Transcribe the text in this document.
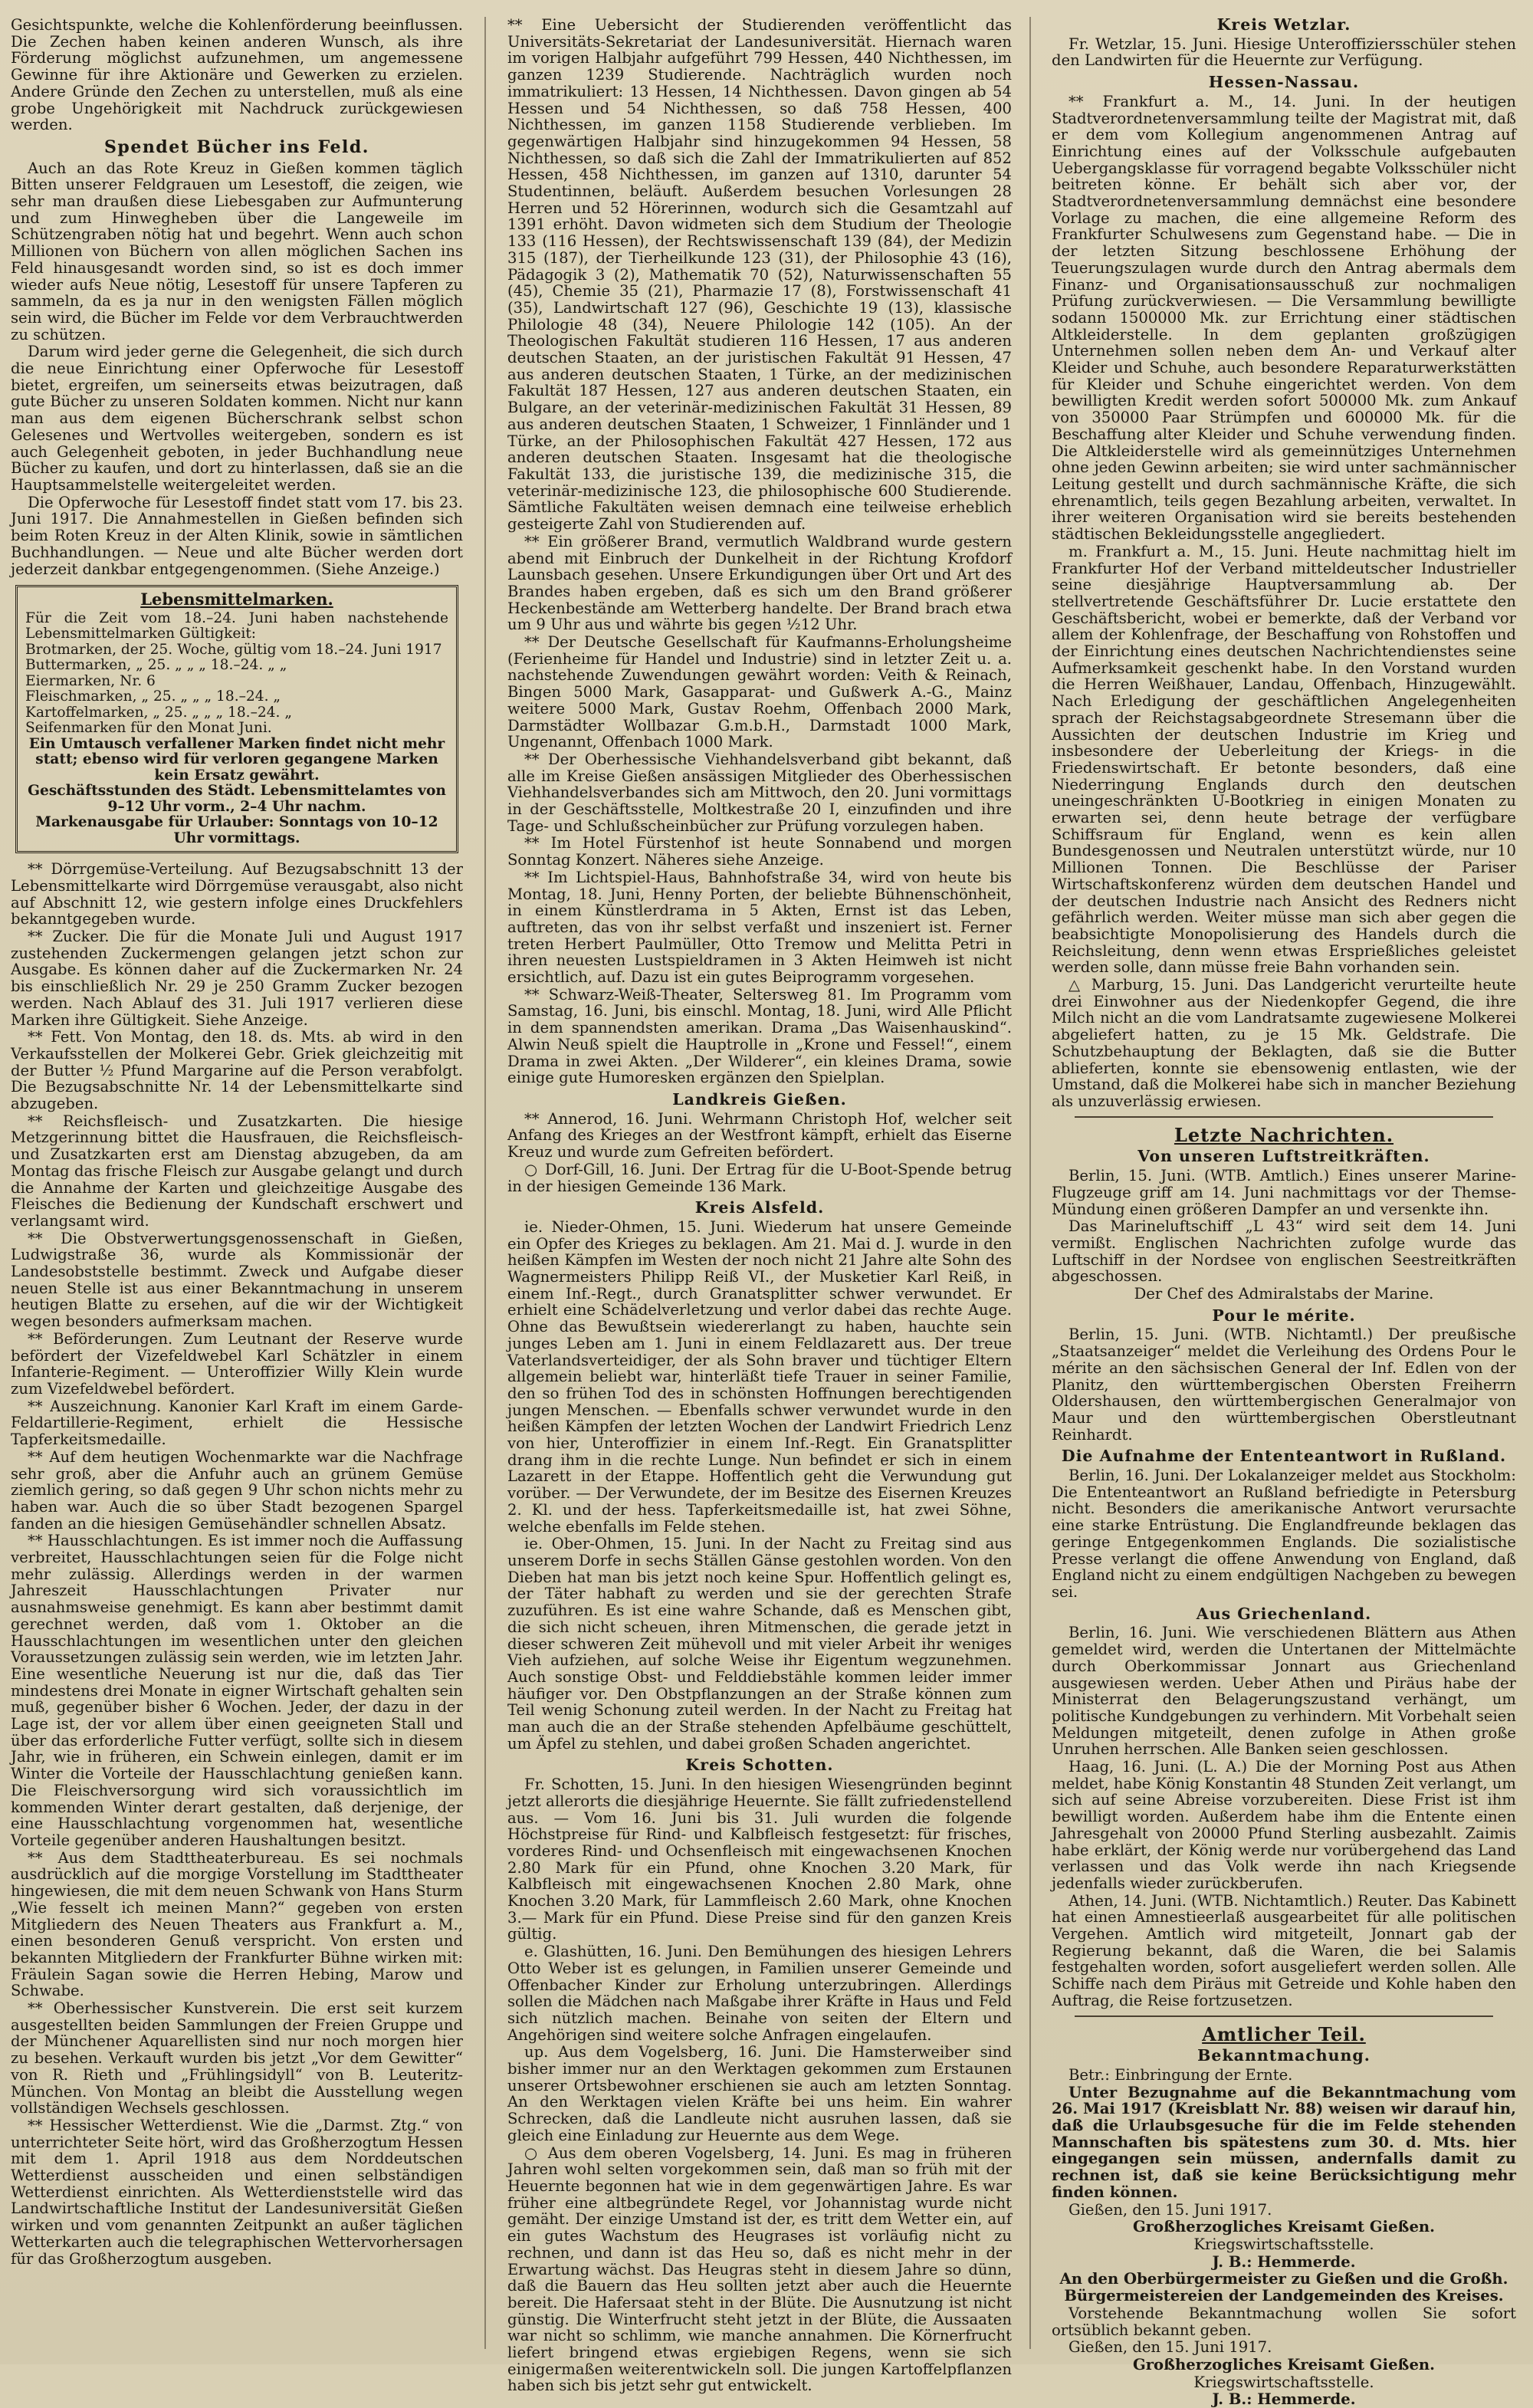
Gesichtspunkte, welche die Kohlenförderung beeinflussen. Die Zechen haben keinen anderen Wunsch, als ihre Förderung möglichst aufzunehmen, um angemessene Gewinne für ihre Aktionäre und Gewerken zu erzielen. Andere Gründe den Zechen zu unterstellen, muß als eine grobe Ungehörigkeit mit Nachdruck zurückgewiesen werden.

Spendet Bücher ins Feld.

Auch an das Rote Kreuz in Gießen kommen täglich Bitten unserer Feldgrauen um Lesestoff, die zeigen, wie sehr man draußen diese Liebesgaben zur Aufmunterung und zum Hinwegheben über die Langeweile im Schützengraben nötig hat und begehrt. Wenn auch schon Millionen von Büchern von allen möglichen Sachen ins Feld hinausgesandt worden sind, so ist es doch immer wieder aufs Neue nötig, Lesestoff für unsere Tapferen zu sammeln, da es ja nur in den wenigsten Fällen möglich sein wird, die Bücher im Felde vor dem Verbrauchtwerden zu schützen.

Darum wird jeder gerne die Gelegenheit, die sich durch die neue Einrichtung einer Opferwoche für Lesestoff bietet, ergreifen, um seinerseits etwas beizutragen, daß gute Bücher zu unseren Soldaten kommen. Nicht nur kann man aus dem eigenen Bücherschrank selbst schon Gelesenes und Wertvolles weitergeben, sondern es ist auch Gelegenheit geboten, in jeder Buchhandlung neue Bücher zu kaufen, und dort zu hinterlassen, daß sie an die Hauptsammelstelle weitergeleitet werden.

Die Opferwoche für Lesestoff findet statt vom 17. bis 23. Juni 1917. Die Annahmestellen in Gießen befinden sich beim Roten Kreuz in der Alten Klinik, sowie in sämtlichen Buchhandlungen. — Neue und alte Bücher werden dort jederzeit dankbar entgegengenommen. (Siehe Anzeige.)

Lebensmittelmarken.

Für die Zeit vom 18.–24. Juni haben nachstehende Lebensmittelmarken Gültigkeit:

Brotmarken, der 25. Woche, gültig vom 18.–24. Juni 1917

Buttermarken, „ 25. „ „ „ 18.–24. „ „

Eiermarken, Nr. 6

Fleischmarken, „ 25. „ „ „ 18.–24. „

Kartoffelmarken, „ 25. „ „ „ 18.–24. „

Seifenmarken für den Monat Juni.

Ein Umtausch verfallener Marken findet nicht mehr statt; ebenso wird für verloren gegangene Marken kein Ersatz gewährt.

Geschäftsstunden des Städt. Lebensmittelamtes von 9–12 Uhr vorm., 2–4 Uhr nachm.

Markenausgabe für Urlauber: Sonntags von 10–12 Uhr vormittags.

** Dörrgemüse-Verteilung. Auf Bezugsabschnitt 13 der Lebensmittelkarte wird Dörrgemüse verausgabt, also nicht auf Abschnitt 12, wie gestern infolge eines Druckfehlers bekanntgegeben wurde.

** Zucker. Die für die Monate Juli und August 1917 zustehenden Zuckermengen gelangen jetzt schon zur Ausgabe. Es können daher auf die Zuckermarken Nr. 24 bis einschließlich Nr. 29 je 250 Gramm Zucker bezogen werden. Nach Ablauf des 31. Juli 1917 verlieren diese Marken ihre Gültigkeit. Siehe Anzeige.

** Fett. Von Montag, den 18. ds. Mts. ab wird in den Verkaufsstellen der Molkerei Gebr. Griek gleichzeitig mit der Butter ½ Pfund Margarine auf die Person verabfolgt. Die Bezugsabschnitte Nr. 14 der Lebensmittelkarte sind abzugeben.

** Reichsfleisch- und Zusatzkarten. Die hiesige Metzgerinnung bittet die Hausfrauen, die Reichsfleisch- und Zusatzkarten erst am Dienstag abzugeben, da am Montag das frische Fleisch zur Ausgabe gelangt und durch die Annahme der Karten und gleichzeitige Ausgabe des Fleisches die Bedienung der Kundschaft erschwert und verlangsamt wird.

** Die Obstverwertungsgenossenschaft in Gießen, Ludwigstraße 36, wurde als Kommissionär der Landesobststelle bestimmt. Zweck und Aufgabe dieser neuen Stelle ist aus einer Bekanntmachung in unserem heutigen Blatte zu ersehen, auf die wir der Wichtigkeit wegen besonders aufmerksam machen.

** Beförderungen. Zum Leutnant der Reserve wurde befördert der Vizefeldwebel Karl Schätzler in einem Infanterie-Regiment. — Unteroffizier Willy Klein wurde zum Vizefeldwebel befördert.

** Auszeichnung. Kanonier Karl Kraft im einem Garde-Feldartillerie-Regiment, erhielt die Hessische Tapferkeitsmedaille.

** Auf dem heutigen Wochenmarkte war die Nachfrage sehr groß, aber die Anfuhr auch an grünem Gemüse ziemlich gering, so daß gegen 9 Uhr schon nichts mehr zu haben war. Auch die so über Stadt bezogenen Spargel fanden an die hiesigen Gemüsehändler schnellen Absatz.

** Hausschlachtungen. Es ist immer noch die Auffassung verbreitet, Hausschlachtungen seien für die Folge nicht mehr zulässig. Allerdings werden in der warmen Jahreszeit Hausschlachtungen Privater nur ausnahmsweise genehmigt. Es kann aber bestimmt damit gerechnet werden, daß vom 1. Oktober an die Hausschlachtungen im wesentlichen unter den gleichen Voraussetzungen zulässig sein werden, wie im letzten Jahr. Eine wesentliche Neuerung ist nur die, daß das Tier mindestens drei Monate in eigner Wirtschaft gehalten sein muß, gegenüber bisher 6 Wochen. Jeder, der dazu in der Lage ist, der vor allem über einen geeigneten Stall und über das erforderliche Futter verfügt, sollte sich in diesem Jahr, wie in früheren, ein Schwein einlegen, damit er im Winter die Vorteile der Hausschlachtung genießen kann. Die Fleischversorgung wird sich voraussichtlich im kommenden Winter derart gestalten, daß derjenige, der eine Hausschlachtung vorgenommen hat, wesentliche Vorteile gegenüber anderen Haushaltungen besitzt.

** Aus dem Stadttheaterbureau. Es sei nochmals ausdrücklich auf die morgige Vorstellung im Stadttheater hingewiesen, die mit dem neuen Schwank von Hans Sturm „Wie fesselt ich meinen Mann?“ gegeben von ersten Mitgliedern des Neuen Theaters aus Frankfurt a. M., einen besonderen Genuß verspricht. Von ersten und bekannten Mitgliedern der Frankfurter Bühne wirken mit: Fräulein Sagan sowie die Herren Hebing, Marow und Schwabe.

** Oberhessischer Kunstverein. Die erst seit kurzem ausgestellten beiden Sammlungen der Freien Gruppe und der Münchener Aquarellisten sind nur noch morgen hier zu besehen. Verkauft wurden bis jetzt „Vor dem Gewitter“ von R. Rieth und „Frühlingsidyll“ von B. Leuteritz-München. Von Montag an bleibt die Ausstellung wegen vollständigen Wechsels geschlossen.

** Hessischer Wetterdienst. Wie die „Darmst. Ztg.“ von unterrichteter Seite hört, wird das Großherzogtum Hessen mit dem 1. April 1918 aus dem Norddeutschen Wetterdienst ausscheiden und einen selbständigen Wetterdienst einrichten. Als Wetterdienststelle wird das Landwirtschaftliche Institut der Landesuniversität Gießen wirken und vom genannten Zeitpunkt an außer täglichen Wetterkarten auch die telegraphischen Wettervorhersagen für das Großherzogtum ausgeben.

** Eine Uebersicht der Studierenden veröffentlicht das Universitäts-Sekretariat der Landesuniversität. Hiernach waren im vorigen Halbjahr aufgeführt 799 Hessen, 440 Nichthessen, im ganzen 1239 Studierende. Nachträglich wurden noch immatrikuliert: 13 Hessen, 14 Nichthessen. Davon gingen ab 54 Hessen und 54 Nichthessen, so daß 758 Hessen, 400 Nichthessen, im ganzen 1158 Studierende verblieben. Im gegenwärtigen Halbjahr sind hinzugekommen 94 Hessen, 58 Nichthessen, so daß sich die Zahl der Immatrikulierten auf 852 Hessen, 458 Nichthessen, im ganzen auf 1310, darunter 54 Studentinnen, beläuft. Außerdem besuchen Vorlesungen 28 Herren und 52 Hörerinnen, wodurch sich die Gesamtzahl auf 1391 erhöht. Davon widmeten sich dem Studium der Theologie 133 (116 Hessen), der Rechtswissenschaft 139 (84), der Medizin 315 (187), der Tierheilkunde 123 (31), der Philosophie 43 (16), Pädagogik 3 (2), Mathematik 70 (52), Naturwissenschaften 55 (45), Chemie 35 (21), Pharmazie 17 (8), Forstwissenschaft 41 (35), Landwirtschaft 127 (96), Geschichte 19 (13), klassische Philologie 48 (34), Neuere Philologie 142 (105). An der Theologischen Fakultät studieren 116 Hessen, 17 aus anderen deutschen Staaten, an der juristischen Fakultät 91 Hessen, 47 aus anderen deutschen Staaten, 1 Türke, an der medizinischen Fakultät 187 Hessen, 127 aus anderen deutschen Staaten, ein Bulgare, an der veterinär-medizinischen Fakultät 31 Hessen, 89 aus anderen deutschen Staaten, 1 Schweizer, 1 Finnländer und 1 Türke, an der Philosophischen Fakultät 427 Hessen, 172 aus anderen deutschen Staaten. Insgesamt hat die theologische Fakultät 133, die juristische 139, die medizinische 315, die veterinär-medizinische 123, die philosophische 600 Studierende. Sämtliche Fakultäten weisen demnach eine teilweise erheblich gesteigerte Zahl von Studierenden auf.

** Ein größerer Brand, vermutlich Waldbrand wurde gestern abend mit Einbruch der Dunkelheit in der Richtung Krofdorf Launsbach gesehen. Unsere Erkundigungen über Ort und Art des Brandes haben ergeben, daß es sich um den Brand größerer Heckenbestände am Wetterberg handelte. Der Brand brach etwa um 9 Uhr aus und währte bis gegen ½12 Uhr.

** Der Deutsche Gesellschaft für Kaufmanns-Erholungsheime (Ferienheime für Handel und Industrie) sind in letzter Zeit u. a. nachstehende Zuwendungen gewährt worden: Veith & Reinach, Bingen 5000 Mark, Gasapparat- und Gußwerk A.-G., Mainz weitere 5000 Mark, Gustav Roehm, Offenbach 2000 Mark, Darmstädter Wollbazar G.m.b.H., Darmstadt 1000 Mark, Ungenannt, Offenbach 1000 Mark.

** Der Oberhessische Viehhandelsverband gibt bekannt, daß alle im Kreise Gießen ansässigen Mitglieder des Oberhessischen Viehhandelsverbandes sich am Mittwoch, den 20. Juni vormittags in der Geschäftsstelle, Moltkestraße 20 I, einzufinden und ihre Tage- und Schlußscheinbücher zur Prüfung vorzulegen haben.

** Im Hotel Fürstenhof ist heute Sonnabend und morgen Sonntag Konzert. Näheres siehe Anzeige.

** Im Lichtspiel-Haus, Bahnhofstraße 34, wird von heute bis Montag, 18. Juni, Henny Porten, der beliebte Bühnenschönheit, in einem Künstlerdrama in 5 Akten, Ernst ist das Leben, auftreten, das von ihr selbst verfaßt und inszeniert ist. Ferner treten Herbert Paulmüller, Otto Tremow und Melitta Petri in ihren neuesten Lustspieldramen in 3 Akten Heimweh ist nicht ersichtlich, auf. Dazu ist ein gutes Beiprogramm vorgesehen.

** Schwarz-Weiß-Theater, Seltersweg 81. Im Programm vom Samstag, 16. Juni, bis einschl. Montag, 18. Juni, wird Alle Pflicht in dem spannendsten amerikan. Drama „Das Waisenhauskind“. Alwin Neuß spielt die Hauptrolle in „Krone und Fessel!“, einem Drama in zwei Akten. „Der Wilderer“, ein kleines Drama, sowie einige gute Humoresken ergänzen den Spielplan.

Landkreis Gießen.

** Annerod, 16. Juni. Wehrmann Christoph Hof, welcher seit Anfang des Krieges an der Westfront kämpft, erhielt das Eiserne Kreuz und wurde zum Gefreiten befördert.

○ Dorf-Gill, 16. Juni. Der Ertrag für die U-Boot-Spende betrug in der hiesigen Gemeinde 136 Mark.

Kreis Alsfeld.

ie. Nieder-Ohmen, 15. Juni. Wiederum hat unsere Gemeinde ein Opfer des Krieges zu beklagen. Am 21. Mai d. J. wurde in den heißen Kämpfen im Westen der noch nicht 21 Jahre alte Sohn des Wagnermeisters Philipp Reiß VI., der Musketier Karl Reiß, in einem Inf.-Regt., durch Granatsplitter schwer verwundet. Er erhielt eine Schädelverletzung und verlor dabei das rechte Auge. Ohne das Bewußtsein wiedererlangt zu haben, hauchte sein junges Leben am 1. Juni in einem Feldlazarett aus. Der treue Vaterlandsverteidiger, der als Sohn braver und tüchtiger Eltern allgemein beliebt war, hinterläßt tiefe Trauer in seiner Familie, den so frühen Tod des in schönsten Hoffnungen berechtigenden jungen Menschen. — Ebenfalls schwer verwundet wurde in den heißen Kämpfen der letzten Wochen der Landwirt Friedrich Lenz von hier, Unteroffizier in einem Inf.-Regt. Ein Granatsplitter drang ihm in die rechte Lunge. Nun befindet er sich in einem Lazarett in der Etappe. Hoffentlich geht die Verwundung gut vorüber. — Der Verwundete, der im Besitze des Eisernen Kreuzes 2. Kl. und der hess. Tapferkeitsmedaille ist, hat zwei Söhne, welche ebenfalls im Felde stehen.

ie. Ober-Ohmen, 15. Juni. In der Nacht zu Freitag sind aus unserem Dorfe in sechs Ställen Gänse gestohlen worden. Von den Dieben hat man bis jetzt noch keine Spur. Hoffentlich gelingt es, der Täter habhaft zu werden und sie der gerechten Strafe zuzuführen. Es ist eine wahre Schande, daß es Menschen gibt, die sich nicht scheuen, ihren Mitmenschen, die gerade jetzt in dieser schweren Zeit mühevoll und mit vieler Arbeit ihr weniges Vieh aufziehen, auf solche Weise ihr Eigentum wegzunehmen. Auch sonstige Obst- und Felddiebstähle kommen leider immer häufiger vor. Den Obstpflanzungen an der Straße können zum Teil wenig Schonung zuteil werden. In der Nacht zu Freitag hat man auch die an der Straße stehenden Apfelbäume geschüttelt, um Äpfel zu stehlen, und dabei großen Schaden angerichtet.

Kreis Schotten.

Fr. Schotten, 15. Juni. In den hiesigen Wiesengründen beginnt jetzt allerorts die diesjährige Heuernte. Sie fällt zufriedenstellend aus. — Vom 16. Juni bis 31. Juli wurden die folgende Höchstpreise für Rind- und Kalbfleisch festgesetzt: für frisches, vorderes Rind- und Ochsenfleisch mit eingewachsenen Knochen 2.80 Mark für ein Pfund, ohne Knochen 3.20 Mark, für Kalbfleisch mit eingewachsenen Knochen 2.80 Mark, ohne Knochen 3.20 Mark, für Lammfleisch 2.60 Mark, ohne Knochen 3.— Mark für ein Pfund. Diese Preise sind für den ganzen Kreis gültig.

e. Glashütten, 16. Juni. Den Bemühungen des hiesigen Lehrers Otto Weber ist es gelungen, in Familien unserer Gemeinde und Offenbacher Kinder zur Erholung unterzubringen. Allerdings sollen die Mädchen nach Maßgabe ihrer Kräfte in Haus und Feld sich nützlich machen. Beinahe von seiten der Eltern und Angehörigen sind weitere solche Anfragen eingelaufen.

up. Aus dem Vogelsberg, 16. Juni. Die Hamsterweiber sind bisher immer nur an den Werktagen gekommen zum Erstaunen unserer Ortsbewohner erschienen sie auch am letzten Sonntag. An den Werktagen vielen Kräfte bei uns heim. Ein wahrer Schrecken, daß die Landleute nicht ausruhen lassen, daß sie gleich eine Einladung zur Heuernte aus dem Wege.

○ Aus dem oberen Vogelsberg, 14. Juni. Es mag in früheren Jahren wohl selten vorgekommen sein, daß man so früh mit der Heuernte begonnen hat wie in dem gegenwärtigen Jahre. Es war früher eine altbegründete Regel, vor Johannistag wurde nicht gemäht. Der einzige Umstand ist der, es tritt dem Wetter ein, auf ein gutes Wachstum des Heugrases ist vorläufig nicht zu rechnen, und dann ist das Heu so, daß es nicht mehr in der Erwartung wächst. Das Heugras steht in diesem Jahre so dünn, daß die Bauern das Heu sollten jetzt aber auch die Heuernte bereit. Die Hafersaat steht in der Blüte. Die Ausnutzung ist nicht günstig. Die Winterfrucht steht jetzt in der Blüte, die Aussaaten war nicht so schlimm, wie manche annahmen. Die Körnerfrucht liefert bringend etwas ergiebigen Regens, wenn sie sich einigermaßen weiterentwickeln soll. Die jungen Kartoffelpflanzen haben sich bis jetzt sehr gut entwickelt.

Kreis Wetzlar.

Fr. Wetzlar, 15. Juni. Hiesige Unteroffiziersschüler stehen den Landwirten für die Heuernte zur Verfügung.

Hessen-Nassau.

** Frankfurt a. M., 14. Juni. In der heutigen Stadtverordnetenversammlung teilte der Magistrat mit, daß er dem vom Kollegium angenommenen Antrag auf Einrichtung eines auf der Volksschule aufgebauten Uebergangsklasse für vorragend begabte Volksschüler nicht beitreten könne. Er behält sich aber vor, der Stadtverordnetenversammlung demnächst eine besondere Vorlage zu machen, die eine allgemeine Reform des Frankfurter Schulwesens zum Gegenstand habe. — Die in der letzten Sitzung beschlossene Erhöhung der Teuerungszulagen wurde durch den Antrag abermals dem Finanz- und Organisationsausschuß zur nochmaligen Prüfung zurückverwiesen. — Die Versammlung bewilligte sodann 1500000 Mk. zur Errichtung einer städtischen Altkleiderstelle. In dem geplanten großzügigen Unternehmen sollen neben dem An- und Verkauf alter Kleider und Schuhe, auch besondere Reparaturwerkstätten für Kleider und Schuhe eingerichtet werden. Von dem bewilligten Kredit werden sofort 500000 Mk. zum Ankauf von 350000 Paar Strümpfen und 600000 Mk. für die Beschaffung alter Kleider und Schuhe verwendung finden. Die Altkleiderstelle wird als gemeinnütziges Unternehmen ohne jeden Gewinn arbeiten; sie wird unter sachmännischer Leitung gestellt und durch sachmännische Kräfte, die sich ehrenamtlich, teils gegen Bezahlung arbeiten, verwaltet. In ihrer weiteren Organisation wird sie bereits bestehenden städtischen Bekleidungsstelle angegliedert.

m. Frankfurt a. M., 15. Juni. Heute nachmittag hielt im Frankfurter Hof der Verband mitteldeutscher Industrieller seine diesjährige Hauptversammlung ab. Der stellvertretende Geschäftsführer Dr. Lucie erstattete den Geschäftsbericht, wobei er bemerkte, daß der Verband vor allem der Kohlenfrage, der Beschaffung von Rohstoffen und der Einrichtung eines deutschen Nachrichtendienstes seine Aufmerksamkeit geschenkt habe. In den Vorstand wurden die Herren Weißhauer, Landau, Offenbach, Hinzugewählt. Nach Erledigung der geschäftlichen Angelegenheiten sprach der Reichstagsabgeordnete Stresemann über die Aussichten der deutschen Industrie im Krieg und insbesondere der Ueberleitung der Kriegs- in die Friedenswirtschaft. Er betonte besonders, daß eine Niederringung Englands durch den deutschen uneingeschränkten U-Bootkrieg in einigen Monaten zu erwarten sei, denn heute betrage der verfügbare Schiffsraum für England, wenn es kein allen Bundesgenossen und Neutralen unterstützt würde, nur 10 Millionen Tonnen. Die Beschlüsse der Pariser Wirtschaftskonferenz würden dem deutschen Handel und der deutschen Industrie nach Ansicht des Redners nicht gefährlich werden. Weiter müsse man sich aber gegen die beabsichtigte Monopolisierung des Handels durch die Reichsleitung, denn wenn etwas Ersprießliches geleistet werden solle, dann müsse freie Bahn vorhanden sein.

△ Marburg, 15. Juni. Das Landgericht verurteilte heute drei Einwohner aus der Niedenkopfer Gegend, die ihre Milch nicht an die vom Landratsamte zugewiesene Molkerei abgeliefert hatten, zu je 15 Mk. Geldstrafe. Die Schutzbehauptung der Beklagten, daß sie die Butter ablieferten, konnte sie ebensowenig entlasten, wie der Umstand, daß die Molkerei habe sich in mancher Beziehung als unzuverlässig erwiesen.

Letzte Nachrichten.
Von unseren Luftstreitkräften.

Berlin, 15. Juni. (WTB. Amtlich.) Eines unserer Marine-Flugzeuge griff am 14. Juni nachmittags vor der Themse-Mündung einen größeren Dampfer an und versenkte ihn.

Das Marineluftschiff „L 43“ wird seit dem 14. Juni vermißt. Englischen Nachrichten zufolge wurde das Luftschiff in der Nordsee von englischen Seestreitkräften abgeschossen.

Der Chef des Admiralstabs der Marine.

Pour le mérite.

Berlin, 15. Juni. (WTB. Nichtamtl.) Der preußische „Staatsanzeiger“ meldet die Verleihung des Ordens Pour le mérite an den sächsischen General der Inf. Edlen von der Planitz, den württembergischen Obersten Freiherrn Oldershausen, den württembergischen Generalmajor von Maur und den württembergischen Oberstleutnant Reinhardt.

Die Aufnahme der Ententeantwort in Rußland.

Berlin, 16. Juni. Der Lokalanzeiger meldet aus Stockholm: Die Ententeantwort an Rußland befriedigte in Petersburg nicht. Besonders die amerikanische Antwort verursachte eine starke Entrüstung. Die Englandfreunde beklagen das geringe Entgegenkommen Englands. Die sozialistische Presse verlangt die offene Anwendung von England, daß England nicht zu einem endgültigen Nachgeben zu bewegen sei.

Aus Griechenland.

Berlin, 16. Juni. Wie verschiedenen Blättern aus Athen gemeldet wird, werden die Untertanen der Mittelmächte durch Oberkommissar Jonnart aus Griechenland ausgewiesen werden. Ueber Athen und Piräus habe der Ministerrat den Belagerungszustand verhängt, um politische Kundgebungen zu verhindern. Mit Vorbehalt seien Meldungen mitgeteilt, denen zufolge in Athen große Unruhen herrschen. Alle Banken seien geschlossen.

Haag, 16. Juni. (L. A.) Die der Morning Post aus Athen meldet, habe König Konstantin 48 Stunden Zeit verlangt, um sich auf seine Abreise vorzubereiten. Diese Frist ist ihm bewilligt worden. Außerdem habe ihm die Entente einen Jahresgehalt von 20000 Pfund Sterling ausbezahlt. Zaimis habe erklärt, der König werde nur vorübergehend das Land verlassen und das Volk werde ihn nach Kriegsende jedenfalls wieder zurückberufen.

Athen, 14. Juni. (WTB. Nichtamtlich.) Reuter. Das Kabinett hat einen Amnestieerlaß ausgearbeitet für alle politischen Vergehen. Amtlich wird mitgeteilt, Jonnart gab der Regierung bekannt, daß die Waren, die bei Salamis festgehalten worden, sofort ausgeliefert werden sollen. Alle Schiffe nach dem Piräus mit Getreide und Kohle haben den Auftrag, die Reise fortzusetzen.

Amtlicher Teil.
Bekanntmachung.

Betr.: Einbringung der Ernte.

Unter Bezugnahme auf die Bekanntmachung vom 26. Mai 1917 (Kreisblatt Nr. 88) weisen wir darauf hin, daß die Urlaubsgesuche für die im Felde stehenden Mannschaften bis spätestens zum 30. d. Mts. hier eingegangen sein müssen, andernfalls damit zu rechnen ist, daß sie keine Berücksichtigung mehr finden können.

Gießen, den 15. Juni 1917.

Großherzogliches Kreisamt Gießen.

Kriegswirtschaftsstelle.

J. B.: Hemmerde.

An den Oberbürgermeister zu Gießen und die Großh. Bürgermeistereien der Landgemeinden des Kreises.

Vorstehende Bekanntmachung wollen Sie sofort ortsüblich bekannt geben.

Gießen, den 15. Juni 1917.

Großherzogliches Kreisamt Gießen.

Kriegswirtschaftsstelle.

J. B.: Hemmerde.
